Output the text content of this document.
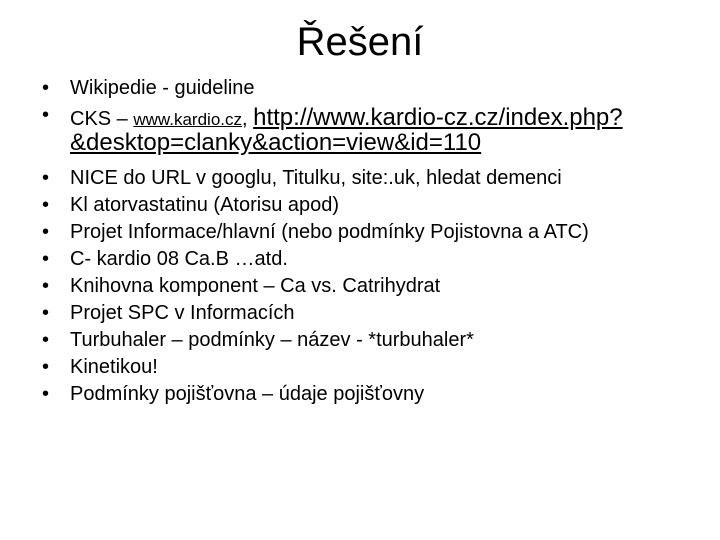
Řešení
• Wikipedie - guideline
• CKS – www.kardio.cz, http://www.kardio-cz.cz/index.php?&desktop=clanky&action=view&id=110
• NICE do URL v googlu, Titulku, site:.uk, hledat demenci
• Kl atorvastatinu (Atorisu apod)
• Projet Informace/hlavní (nebo podmínky Pojistovna a ATC)
• C- kardio 08 Ca.B …atd.
• Knihovna komponent – Ca vs. Catrihydrat
• Projet SPC v Informacích
• Turbuhaler – podmínky – název - *turbuhaler*
• Kinetikou!
• Podmínky pojišťovna – údaje pojišťovny
